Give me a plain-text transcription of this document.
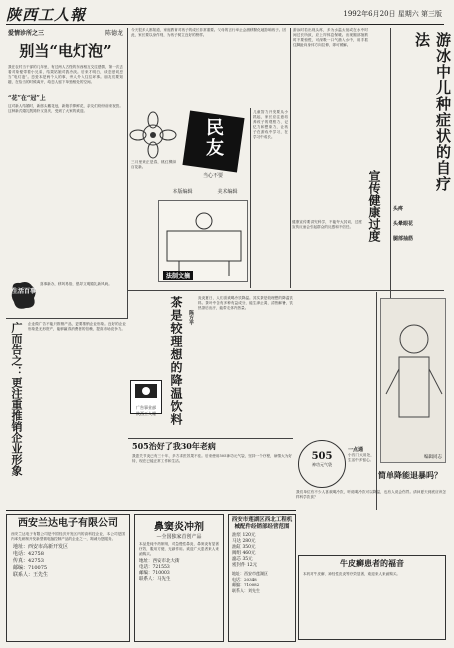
陕西工人報	1992年6月20日 星期六 第三版
爱情诊所之三	陈德龙
别当“电灯泡”
我在农村当干部的几年里，有过两人古怪的东西相互交往感情，第一次去看对象便带着小兄弟，结果姑娘对我冷淡。后来才明白，谈恋爱切忌当“电灯泡”。恋爱本是两个人的事，旁人介入往往坏事。朋友们要知趣，在恰当的时候离开，给恋人留下单独相处的空间。
“花”在“冠”上
这对新人结婚时，新郎头戴花冠，新娘手捧鲜花，亲友们纷纷前来祝贺。这种新式婚礼既简朴又喜庆，受到了大家的欢迎。
生活百事
喜事新办，移风易俗，倡导文明婚礼新风尚。
今天很多人都知道，家庭教育对孩子的成长非常重要。父母的言行举止会潜移默化地影响孩子。因此，家长要以身作则，为孩子树立良好的榜样。
三月里来正是春，桃红柳绿百花新。
民友
当心不要
本版编辑	美术编辑
法制文摘
儿童智力开发要从小抓起，家长应注意培养孩子的观察力、记忆力和想象力，让孩子在游戏中学习，在学习中成长。
游泳时若出现头疼，多为水温太低或在水中时间过长所致，应上岸休息保暖。出现腿部抽筋时不要惊慌，可深吸一口气潜入水中，用手抓住脚趾向身体方向拉伸，即可缓解。
宣传健康过度
健康宣传要讲究科学，不能夸大其词，过度宣传反而会引起群众的反感和不信任。
游冰中儿种症状的自疗法
头疼
头晕眼花
腿部抽筋
广而告之：更注重推销企业形象 企业做广告不能只推销产品，更要推销企业形象。良好的企业形象是无形资产，能够赢得消费者的信赖，提高市场竞争力。	茶是较理想的降温饮料	陈方平
炎炎夏日，人们喜欢喝冷饮降温。其实茶是较理想的降温饮料。茶叶中含有多种有益成分，能生津止渴，清热解暑，饮热茶后出汗，能带走体内热量。
广告事业部
陕西工人報
505治好了我30年老病
我患关节炎已有三十年，多方求医效果不佳。后来使用505神功元气袋，坚持一个疗程，病情大为好转，现在已能正常工作和生活。	505
神功元气袋
简单降能退暴吗？
编辑同志
我们单位有不少人喜欢喝冷饮，听说喝冷饮可以降温，也有人说会伤胃。请问夏天到底应该怎样科学饮食？
一点通
小窍门大用处，生活中多留心。
牛皮癣患者的福音
本药对牛皮癣、神经性皮炎等疗效显著，欢迎来人来函购买。
西安兰达电子有限公司
西安兰达电子有限公司是中国经济开发区内的高科技企业，本公司是国内率先研制开发新型微电脑控制产品的企业之一，竭诚为您服务。
地址：西安市高新开发区
电话：42758
传真：42753
邮编：710075
联系人：王先生
鼻窦炎冲剂
—全国独家首创产品
本品是纯中药制剂，对急慢性鼻炎、鼻窦炎有显著疗效，服用方便，无副作用。欢迎广大患者来人来函购买。
地址：西安市北大街
电话：721553
邮编：710003
联系人：马先生
西安市莲湖区西北工程机械配件经销部经营范围
油泵 120元
马达 280元
油缸 350元
阀组 460元
滤芯 35元
密封件 12元
地址：西安市莲湖区
电话：20348
邮编：710082
联系人：刘先生
